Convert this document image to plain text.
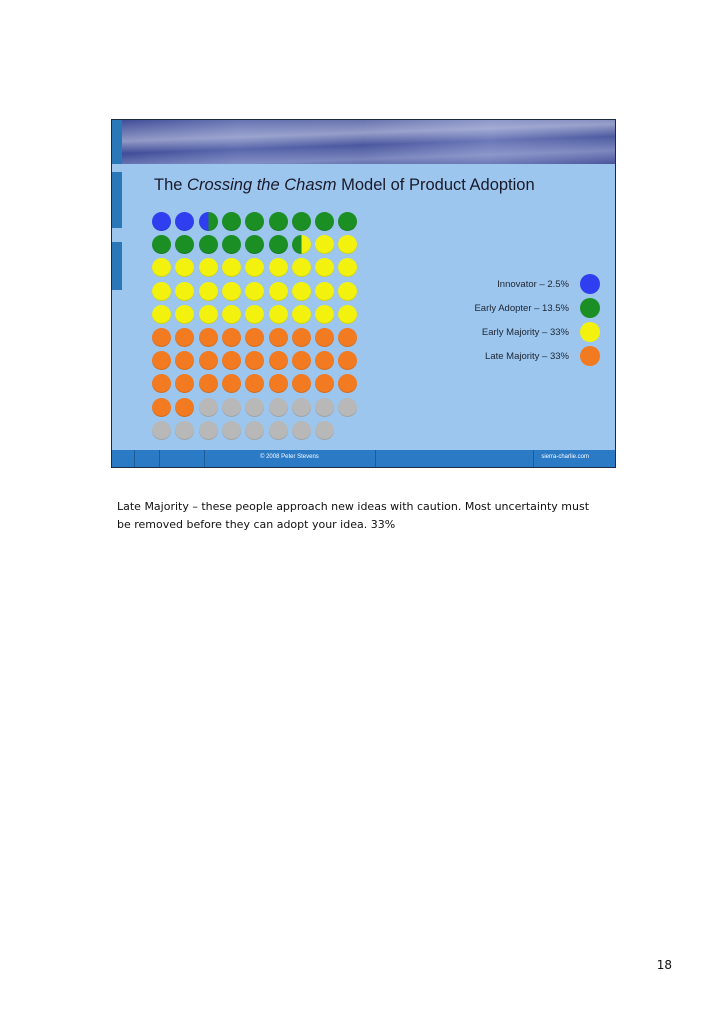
The Crossing the Chasm Model of Product Adoption
Innovator – 2.5%
Early Adopter – 13.5%
Early Majority – 33%
Late Majority – 33%
© 2008 Peter Stevens	sierra-charlie.com

Late Majority – these people approach new ideas with caution. Most uncertainty must be removed before they can adopt your idea. 33%

18
